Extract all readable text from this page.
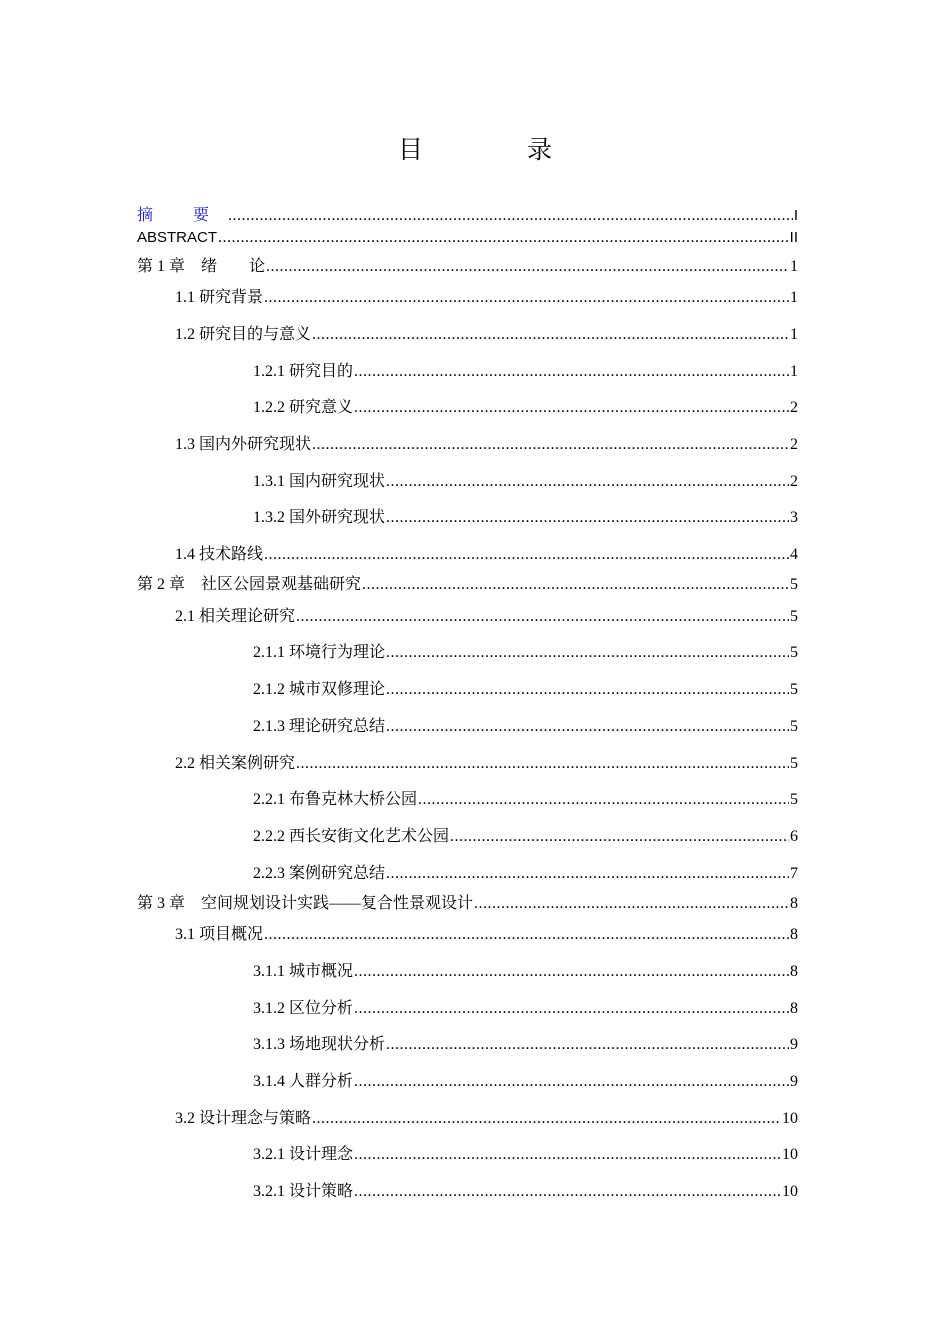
目 录
摘 要 .....	I
ABSTRACT .....	II
第 1 章　绪　　论 .....	1
1.1 研究背景 .....	1
1.2 研究目的与意义 .....	1
1.2.1 研究目的 .....	1
1.2.2 研究意义 .....	2
1.3 国内外研究现状 .....	2
1.3.1 国内研究现状 .....	2
1.3.2 国外研究现状 .....	3
1.4 技术路线 .....	4
第 2 章　社区公园景观基础研究 .....	5
2.1 相关理论研究 .....	5
2.1.1 环境行为理论 .....	5
2.1.2 城市双修理论 .....	5
2.1.3 理论研究总结 .....	5
2.2 相关案例研究 .....	5
2.2.1 布鲁克林大桥公园 .....	5
2.2.2 西长安街文化艺术公园 .....	6
2.2.3 案例研究总结 .....	7
第 3 章　空间规划设计实践——复合性景观设计 .....	8
3.1 项目概况 .....	8
3.1.1 城市概况 .....	8
3.1.2 区位分析 .....	8
3.1.3 场地现状分析 .....	9
3.1.4 人群分析 .....	9
3.2 设计理念与策略 .....	10
3.2.1 设计理念 .....	10
3.2.1 设计策略 .....	10
